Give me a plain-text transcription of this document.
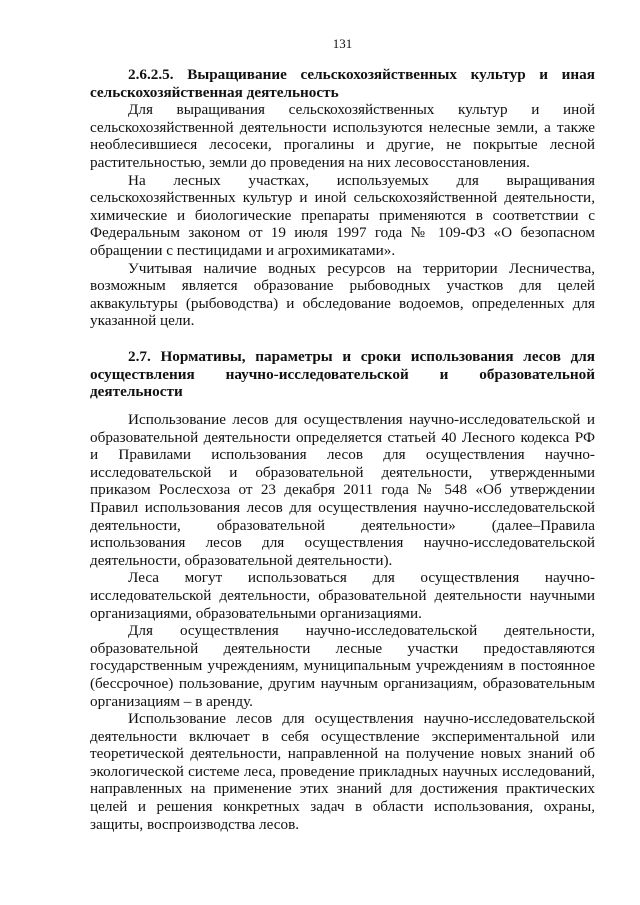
131
2.6.2.5. Выращивание сельскохозяйственных культур и иная сельскохозяйственная деятельность

Для выращивания сельскохозяйственных культур и иной сельскохозяйственной деятельности используются нелесные земли, а также необлесившиеся лесосеки, прогалины и другие, не покрытые лесной растительностью, земли до проведения на них лесовосстановления.

На лесных участках, используемых для выращивания сельскохозяйственных культур и иной сельскохозяйственной деятельности, химические и биологические препараты применяются в соответствии с Федеральным законом от 19 июля 1997 года № 109-ФЗ «О безопасном обращении с пестицидами и агрохимикатами».

Учитывая наличие водных ресурсов на территории Лесничества, возможным является образование рыбоводных участков для целей аквакультуры (рыбоводства) и обследование водоемов, определенных для указанной цели.

2.7. Нормативы, параметры и сроки использования лесов для осуществления научно-исследовательской и образовательной деятельности

Использование лесов для осуществления научно-исследовательской и образовательной деятельности определяется статьей 40 Лесного кодекса РФ и Правилами использования лесов для осуществления научно-исследовательской и образовательной деятельности, утвержденными приказом Рослесхоза от 23 декабря 2011 года № 548 «Об утверждении Правил использования лесов для осуществления научно-исследовательской деятельности, образовательной деятельности» (далее–Правила использования лесов для осуществления научно-исследовательской деятельности, образовательной деятельности).

Леса могут использоваться для осуществления научно-исследовательской деятельности, образовательной деятельности научными организациями, образовательными организациями.

Для осуществления научно-исследовательской деятельности, образовательной деятельности лесные участки предоставляются государственным учреждениям, муниципальным учреждениям в постоянное (бессрочное) пользование, другим научным организациям, образовательным организациям – в аренду.

Использование лесов для осуществления научно-исследовательской деятельности включает в себя осуществление экспериментальной или теоретической деятельности, направленной на получение новых знаний об экологической системе леса, проведение прикладных научных исследований, направленных на применение этих знаний для достижения практических целей и решения конкретных задач в области использования, охраны, защиты, воспроизводства лесов.
